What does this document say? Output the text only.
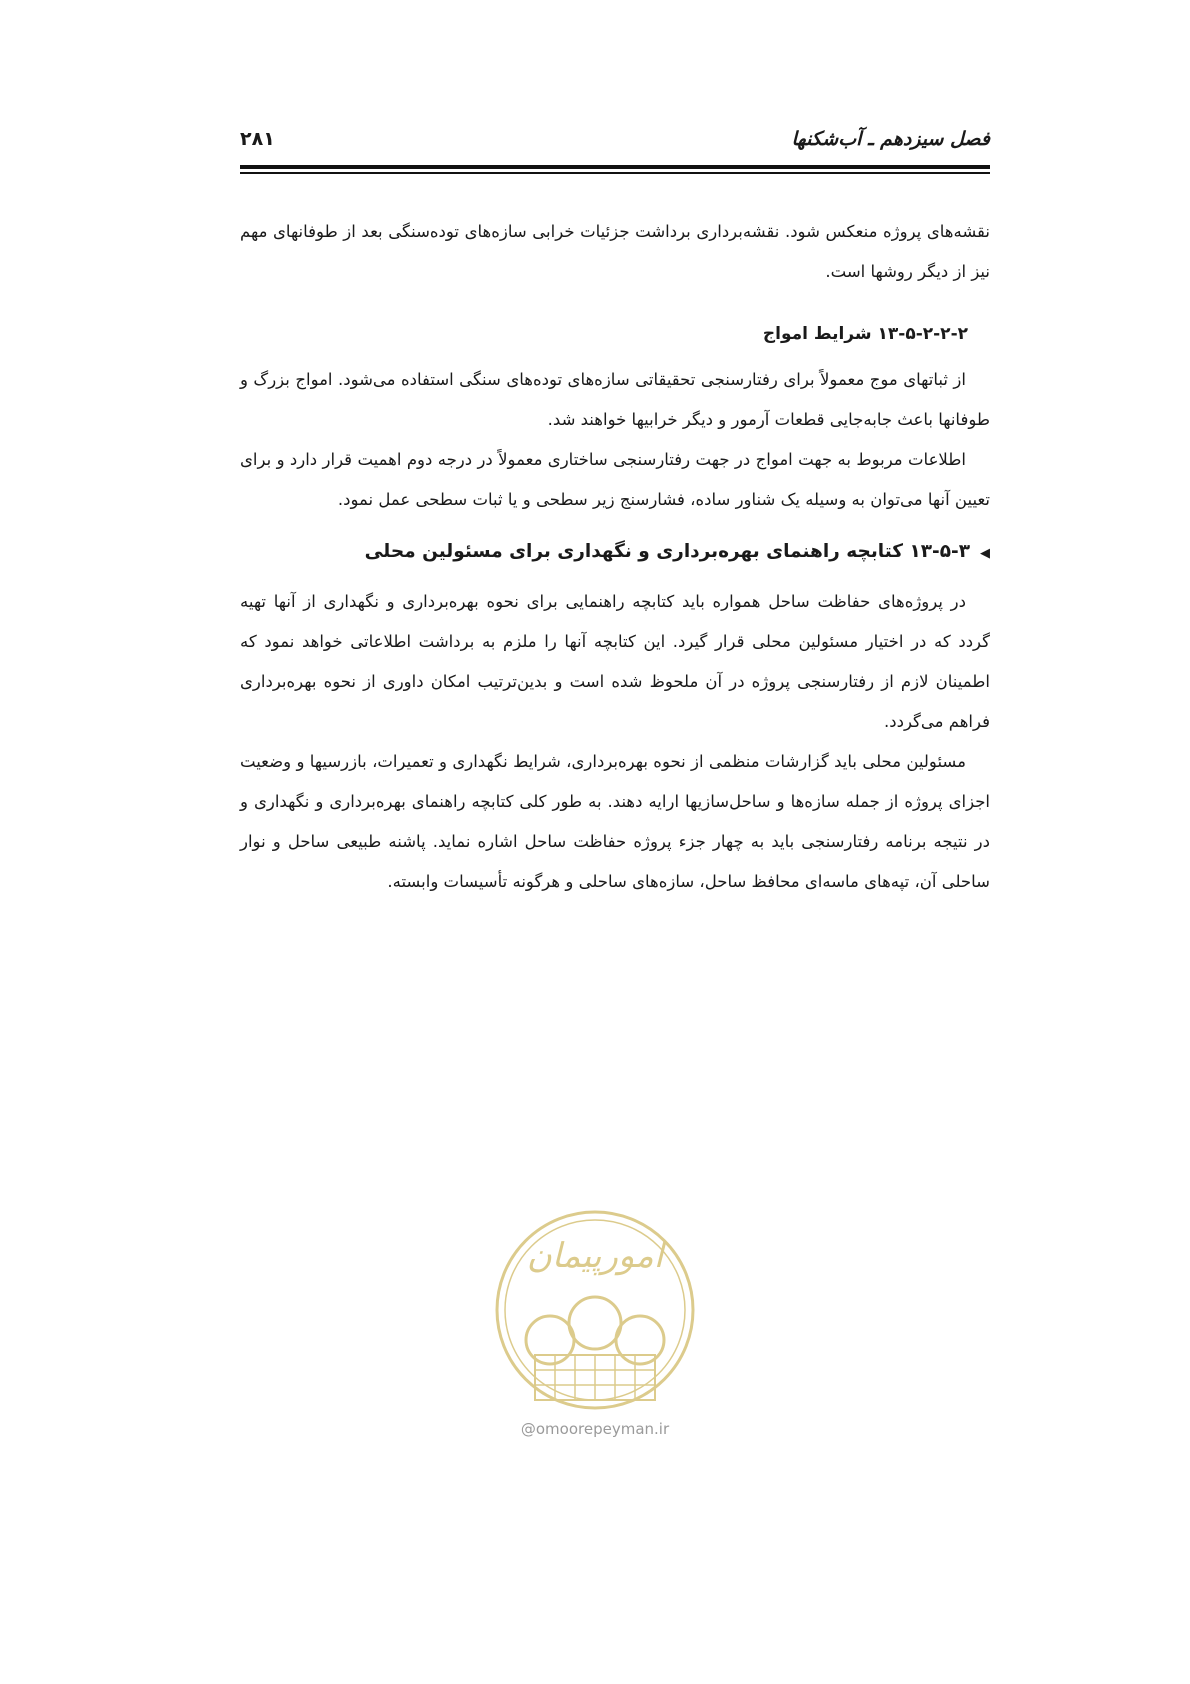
فصل سیزدهم ـ آب‌شکنها
۲۸۱

نقشه‌های پروژه منعکس شود. نقشه‌برداری برداشت جزئیات خرابی سازه‌های توده‌سنگی بعد از طوفانهای مهم نیز از دیگر روشها است.

۱۳-۵-۲-۲-۲ شرایط امواج

از ثباتهای موج معمولاً برای رفتارسنجی تحقیقاتی سازه‌های توده‌های سنگی استفاده می‌شود. امواج بزرگ و طوفانها باعث جابه‌جایی قطعات آرمور و دیگر خرابیها خواهند شد.

اطلاعات مربوط به جهت امواج در جهت رفتارسنجی ساختاری معمولاً در درجه دوم اهمیت قرار دارد و برای تعیین آنها می‌توان به وسیله یک شناور ساده، فشارسنج زیر سطحی و یا ثبات سطحی عمل نمود.

◀۱۳-۵-۳ کتابچه راهنمای بهره‌برداری و نگهداری برای مسئولین محلی

در پروژه‌های حفاظت ساحل همواره باید کتابچه راهنمایی برای نحوه بهره‌برداری و نگهداری از آنها تهیه گردد که در اختیار مسئولین محلی قرار گیرد. این کتابچه آنها را ملزم به برداشت اطلاعاتی خواهد نمود که اطمینان لازم از رفتارسنجی پروژه در آن ملحوظ شده است و بدین‌ترتیب امکان داوری از نحوه بهره‌برداری فراهم می‌گردد.

مسئولین محلی باید گزارشات منظمی از نحوه بهره‌برداری، شرایط نگهداری و تعمیرات، بازرسیها و وضعیت اجزای پروژه از جمله سازه‌ها و ساحل‌سازیها ارایه دهند. به طور کلی کتابچه راهنمای بهره‌برداری و نگهداری و در نتیجه برنامه رفتارسنجی باید به چهار جزء پروژه حفاظت ساحل اشاره نماید. پاشنه طبیعی ساحل و نوار ساحلی آن، تپه‌های ماسه‌ای محافظ ساحل، سازه‌های ساحلی و هرگونه تأسیسات وابسته.

امورپیمان
@omoorepeyman.ir
